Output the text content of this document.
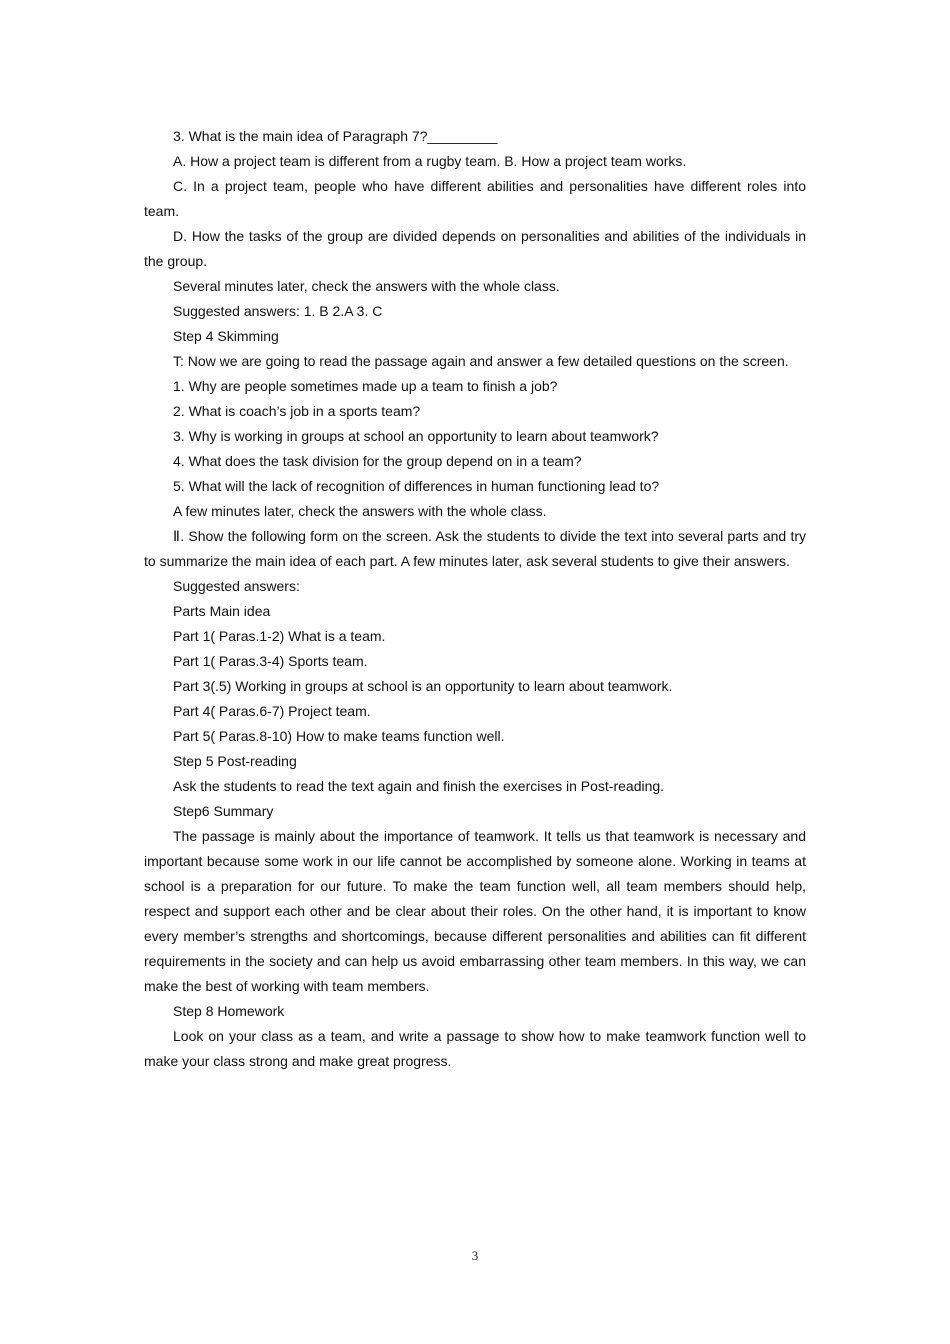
3. What is the main idea of Paragraph 7?_________

A. How a project team is different from a rugby team. B. How a project team works.

C. In a project team, people who have different abilities and personalities have different roles into team.

D. How the tasks of the group are divided depends on personalities and abilities of the individuals in the group.

Several minutes later, check the answers with the whole class.

Suggested answers: 1. B 2.A 3. C

Step 4 Skimming

T: Now we are going to read the passage again and answer a few detailed questions on the screen.

1. Why are people sometimes made up a team to finish a job?

2. What is coach’s job in a sports team?

3. Why is working in groups at school an opportunity to learn about teamwork?

4. What does the task division for the group depend on in a team?

5. What will the lack of recognition of differences in human functioning lead to?

A few minutes later, check the answers with the whole class.

Ⅱ. Show the following form on the screen. Ask the students to divide the text into several parts and try to summarize the main idea of each part. A few minutes later, ask several students to give their answers.

Suggested answers:

Parts Main idea

Part 1( Paras.1-2) What is a team.

Part 1( Paras.3-4) Sports team.

Part 3(.5) Working in groups at school is an opportunity to learn about teamwork.

Part 4( Paras.6-7) Project team.

Part 5( Paras.8-10) How to make teams function well.

Step 5 Post-reading

Ask the students to read the text again and finish the exercises in Post-reading.

Step6 Summary

The passage is mainly about the importance of teamwork. It tells us that teamwork is necessary and important because some work in our life cannot be accomplished by someone alone. Working in teams at school is a preparation for our future. To make the team function well, all team members should help, respect and support each other and be clear about their roles. On the other hand, it is important to know every member’s strengths and shortcomings, because different personalities and abilities can fit different requirements in the society and can help us avoid embarrassing other team members. In this way, we can make the best of working with team members.

Step 8 Homework

Look on your class as a team, and write a passage to show how to make teamwork function well to make your class strong and make great progress.

3
